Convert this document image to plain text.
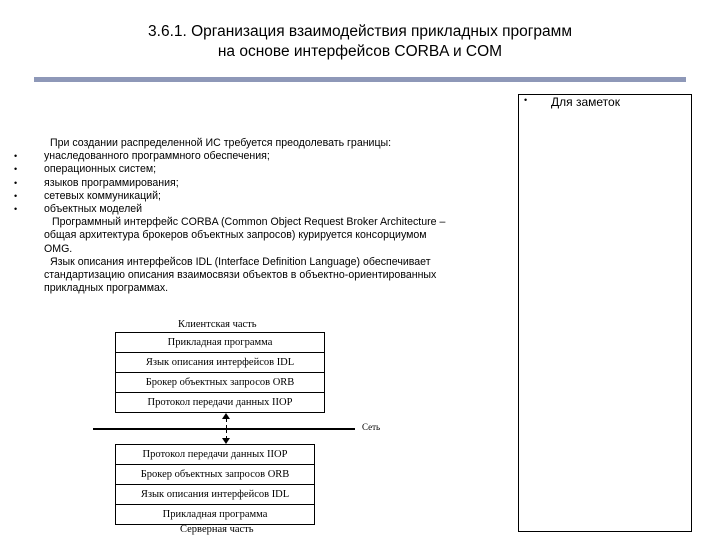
3.6.1. Организация взаимодействия прикладных программ
на основе интерфейсов CORBA и COM
• Для заметок
При создании распределенной ИС требуется преодолевать границы:
• унаследованного программного обеспечения;
• операционных систем;
• языков программирования;
• сетевых коммуникаций;
• объектных моделей
Программный интерфейс CORBA (Common Object Request Broker Architecture –
общая архитектура брокеров объектных запросов) курируется консорциумом
OMG.
Язык описания интерфейсов IDL (Interface Definition Language) обеспечивает
стандартизацию описания взаимосвязи объектов в объектно-ориентированных
прикладных программах.
Клиентская часть
Прикладная программа
Язык описания интерфейсов IDL
Брокер объектных запросов ORB
Протокол передачи данных IIOP
Сеть
Протокол передачи данных IIOP
Брокер объектных запросов ORB
Язык описания интерфейсов IDL
Прикладная программа
Серверная часть
